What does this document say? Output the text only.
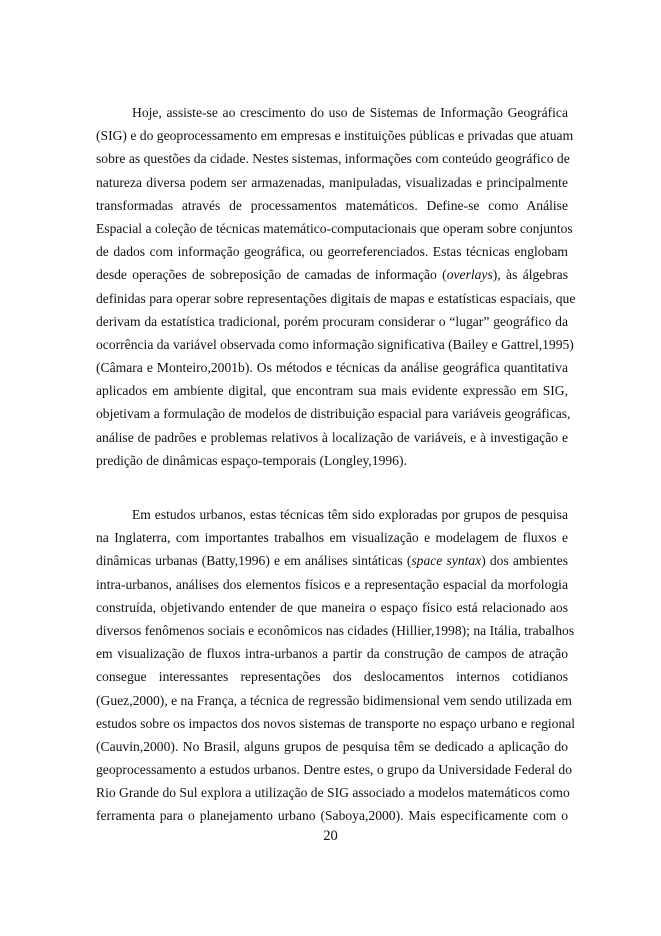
Hoje, assiste-se ao crescimento do uso de Sistemas de Informação Geográfica
(SIG) e do geoprocessamento em empresas e instituições públicas e privadas que atuam
sobre as questões da cidade. Nestes sistemas, informações com conteúdo geográfico de
natureza diversa podem ser armazenadas, manipuladas, visualizadas e principalmente
transformadas através de processamentos matemáticos. Define-se como Análise
Espacial a coleção de técnicas matemático-computacionais que operam sobre conjuntos
de dados com informação geográfica, ou georreferenciados. Estas técnicas englobam
desde operações de sobreposição de camadas de informação (overlays), às álgebras
definidas para operar sobre representações digitais de mapas e estatísticas espaciais, que
derivam da estatística tradicional, porém procuram considerar o “lugar” geográfico da
ocorrência da variável observada como informação significativa (Bailey e Gattrel,1995)
(Câmara e Monteiro,2001b). Os métodos e técnicas da análise geográfica quantitativa
aplicados em ambiente digital, que encontram sua mais evidente expressão em SIG,
objetivam a formulação de modelos de distribuição espacial para variáveis geográficas,
análise de padrões e problemas relativos à localização de variáveis, e à investigação e
predição de dinâmicas espaço-temporais (Longley,1996).
Em estudos urbanos, estas técnicas têm sido exploradas por grupos de pesquisa
na Inglaterra, com importantes trabalhos em visualização e modelagem de fluxos e
dinâmicas urbanas (Batty,1996) e em análises sintáticas (space syntax) dos ambientes
intra-urbanos, análises dos elementos físicos e a representação espacial da morfologia
construída, objetivando entender de que maneira o espaço físico está relacionado aos
diversos fenômenos sociais e econômicos nas cidades (Hillier,1998); na Itália, trabalhos
em visualização de fluxos intra-urbanos a partir da construção de campos de atração
consegue interessantes representações dos deslocamentos internos cotidianos
(Guez,2000), e na França, a técnica de regressão bidimensional vem sendo utilizada em
estudos sobre os impactos dos novos sistemas de transporte no espaço urbano e regional
(Cauvin,2000). No Brasil, alguns grupos de pesquisa têm se dedicado a aplicação do
geoprocessamento a estudos urbanos. Dentre estes, o grupo da Universidade Federal do
Rio Grande do Sul explora a utilização de SIG associado a modelos matemáticos como
ferramenta para o planejamento urbano (Saboya,2000). Mais especificamente com o
20
